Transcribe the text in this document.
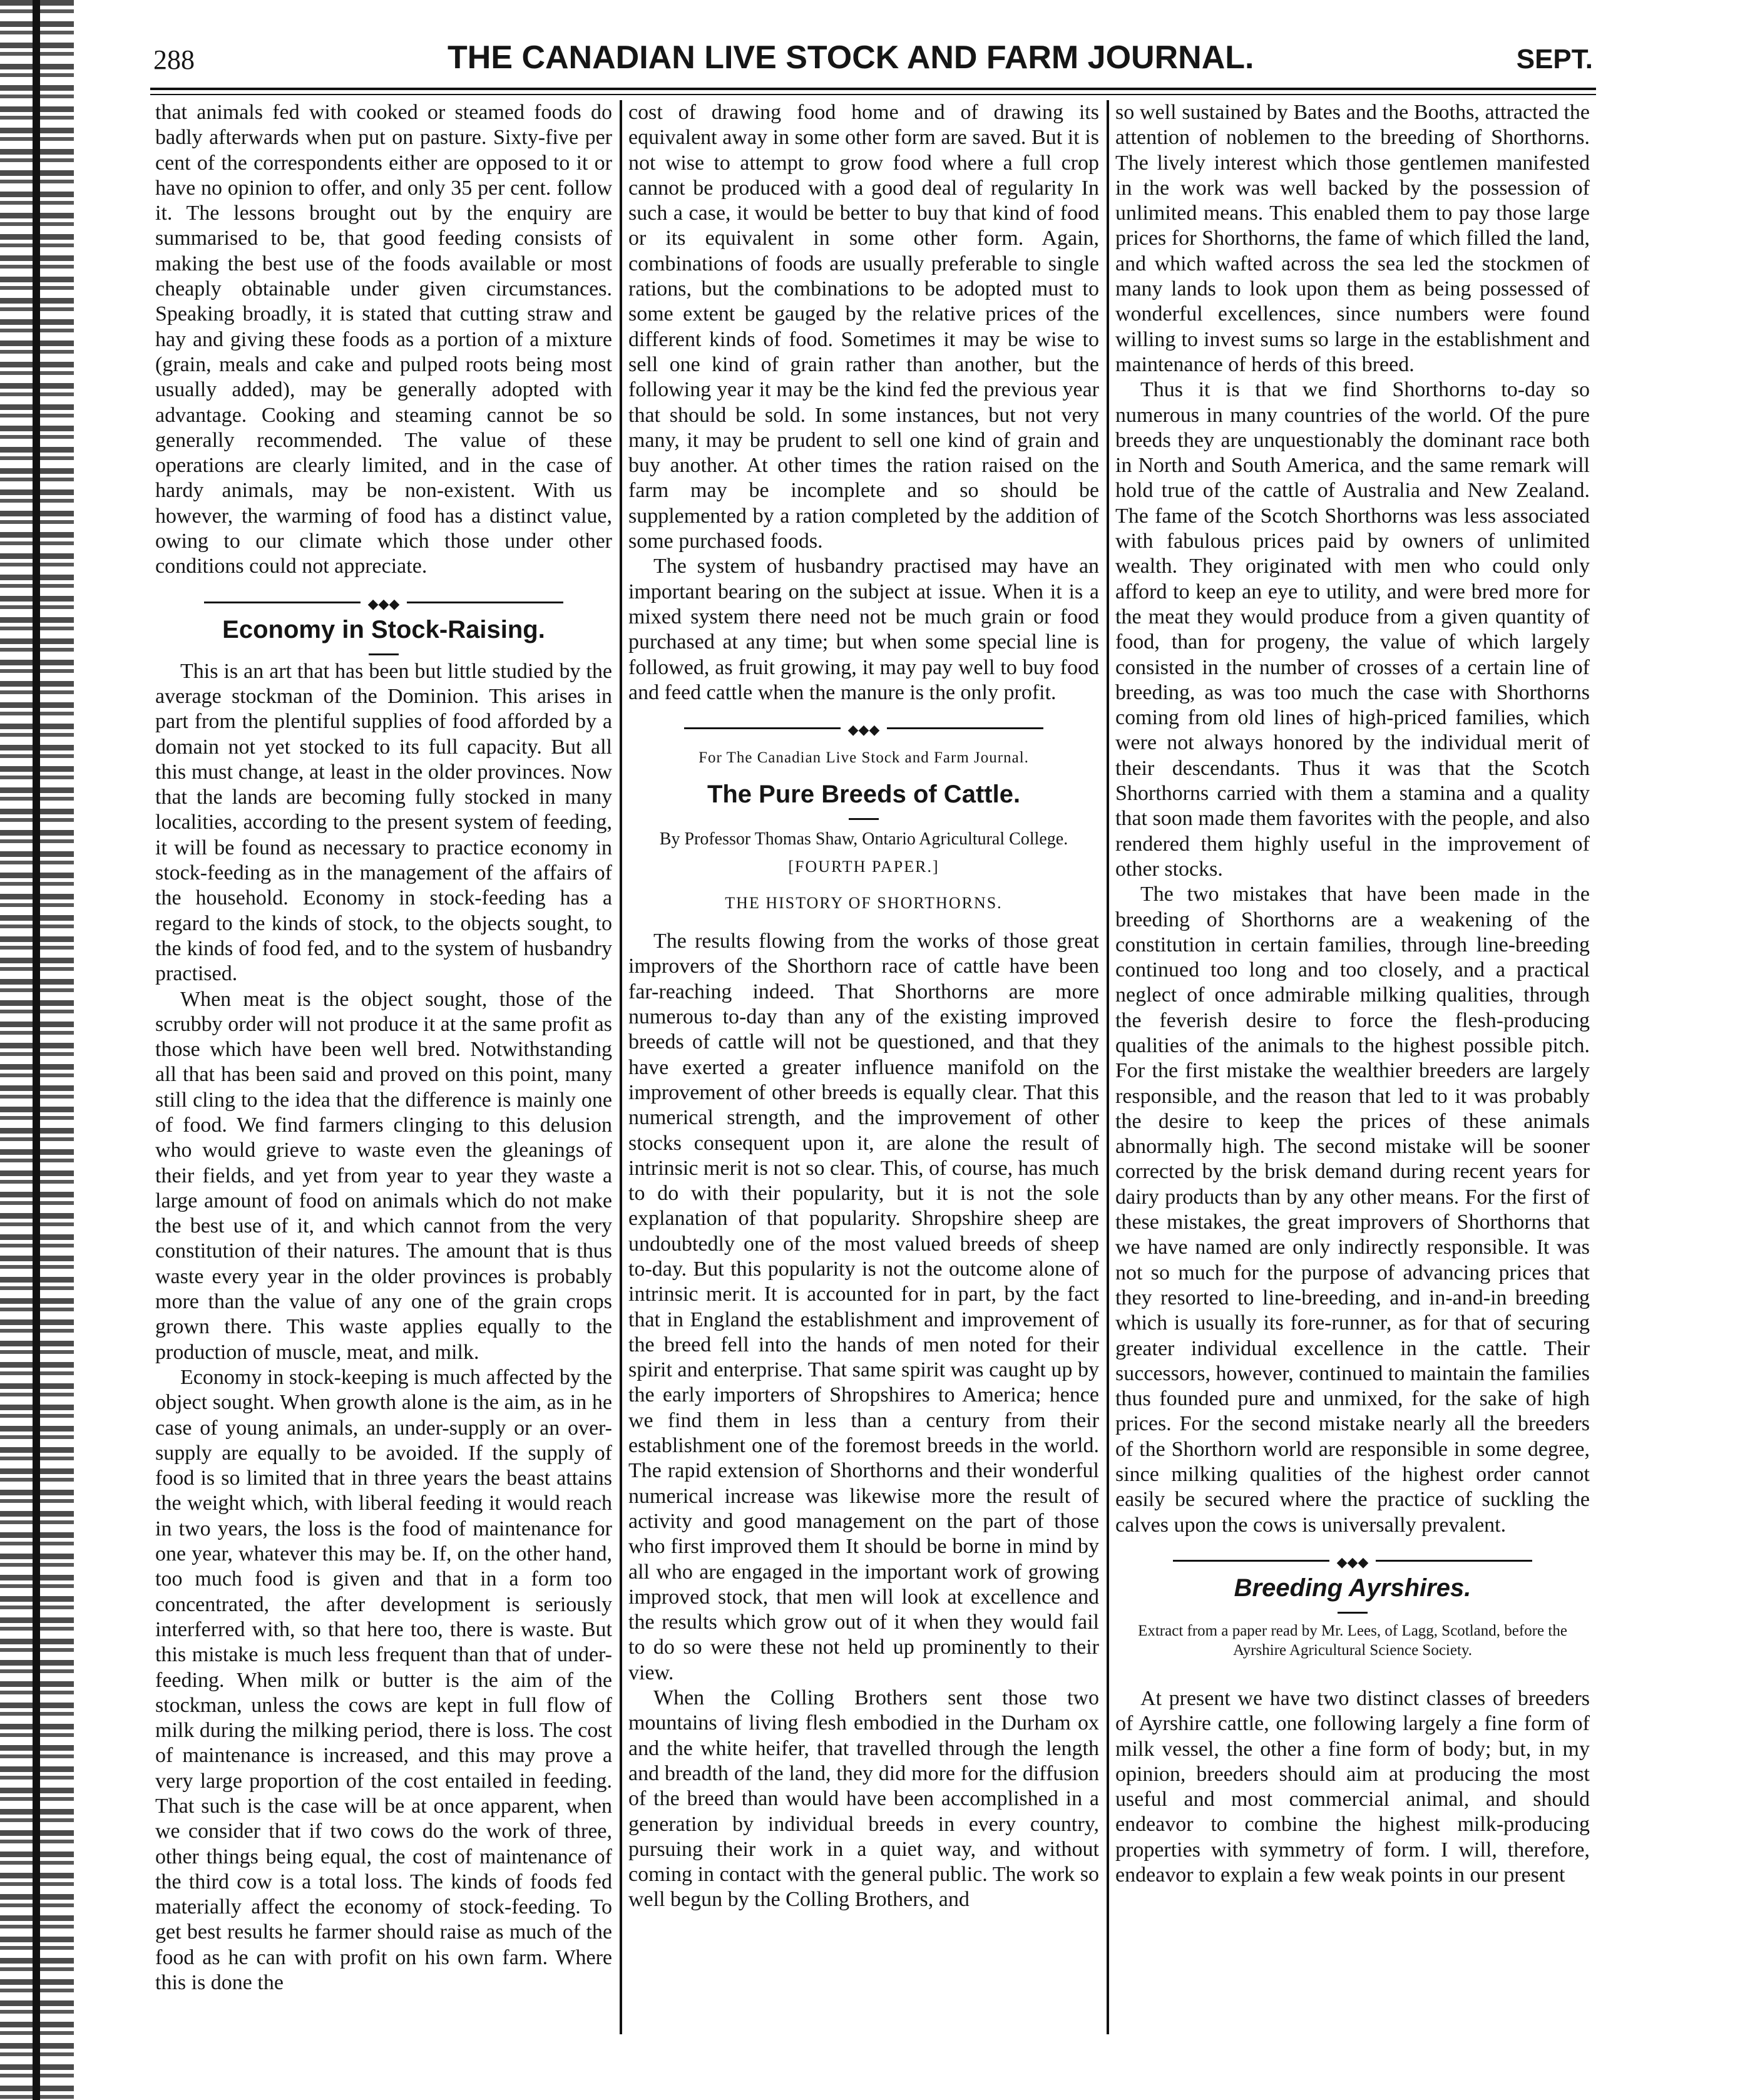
288	THE CANADIAN LIVE STOCK AND FARM JOURNAL.	SEPT.

that animals fed with cooked or steamed foods do badly afterwards when put on pasture. Sixty-five per cent of the correspondents either are opposed to it or have no opinion to offer, and only 35 per cent. follow it. The lessons brought out by the enquiry are summarised to be, that good feeding consists of making the best use of the foods available or most cheaply obtainable under given circumstances. Speaking broadly, it is stated that cutting straw and hay and giving these foods as a portion of a mixture (grain, meals and cake and pulped roots being most usually added), may be generally adopted with advantage. Cooking and steaming cannot be so generally recommended. The value of these operations are clearly limited, and in the case of hardy animals, may be non-existent. With us however, the warming of food has a distinct value, owing to our climate which those under other conditions could not appreciate.

◆◆◆
Economy in Stock-Raising.

This is an art that has been but little studied by the average stockman of the Dominion. This arises in part from the plentiful supplies of food afforded by a domain not yet stocked to its full capacity. But all this must change, at least in the older provinces. Now that the lands are becoming fully stocked in many localities, according to the present system of feeding, it will be found as necessary to practice economy in stock-feeding as in the management of the affairs of the household. Economy in stock-feeding has a regard to the kinds of stock, to the objects sought, to the kinds of food fed, and to the system of husbandry practised.

When meat is the object sought, those of the scrubby order will not produce it at the same profit as those which have been well bred. Notwithstanding all that has been said and proved on this point, many still cling to the idea that the difference is mainly one of food. We find farmers clinging to this delusion who would grieve to waste even the gleanings of their fields, and yet from year to year they waste a large amount of food on animals which do not make the best use of it, and which cannot from the very constitution of their natures. The amount that is thus waste every year in the older provinces is probably more than the value of any one of the grain crops grown there. This waste applies equally to the production of muscle, meat, and milk.

Economy in stock-keeping is much affected by the object sought. When growth alone is the aim, as in he case of young animals, an under-supply or an over-supply are equally to be avoided. If the supply of food is so limited that in three years the beast attains the weight which, with liberal feeding it would reach in two years, the loss is the food of maintenance for one year, whatever this may be. If, on the other hand, too much food is given and that in a form too concentrated, the after development is seriously interferred with, so that here too, there is waste. But this mistake is much less frequent than that of under-feeding. When milk or butter is the aim of the stockman, unless the cows are kept in full flow of milk during the milking period, there is loss. The cost of maintenance is increased, and this may prove a very large proportion of the cost entailed in feeding. That such is the case will be at once apparent, when we consider that if two cows do the work of three, other things being equal, the cost of maintenance of the third cow is a total loss. The kinds of foods fed materially affect the economy of stock-feeding. To get best results he farmer should raise as much of the food as he can with profit on his own farm. Where this is done the

cost of drawing food home and of drawing its equivalent away in some other form are saved. But it is not wise to attempt to grow food where a full crop cannot be produced with a good deal of regularity In such a case, it would be better to buy that kind of food or its equivalent in some other form. Again, combinations of foods are usually preferable to single rations, but the combinations to be adopted must to some extent be gauged by the relative prices of the different kinds of food. Sometimes it may be wise to sell one kind of grain rather than another, but the following year it may be the kind fed the previous year that should be sold. In some instances, but not very many, it may be prudent to sell one kind of grain and buy another. At other times the ration raised on the farm may be incomplete and so should be supplemented by a ration completed by the addition of some purchased foods.

The system of husbandry practised may have an important bearing on the subject at issue. When it is a mixed system there need not be much grain or food purchased at any time; but when some special line is followed, as fruit growing, it may pay well to buy food and feed cattle when the manure is the only profit.

◆◆◆
For The Canadian Live Stock and Farm Journal.
The Pure Breeds of Cattle.
By Professor Thomas Shaw, Ontario Agricultural College.
[FOURTH PAPER.]
THE HISTORY OF SHORTHORNS.

The results flowing from the works of those great improvers of the Shorthorn race of cattle have been far-reaching indeed. That Shorthorns are more numerous to-day than any of the existing improved breeds of cattle will not be questioned, and that they have exerted a greater influence manifold on the improvement of other breeds is equally clear. That this numerical strength, and the improvement of other stocks consequent upon it, are alone the result of intrinsic merit is not so clear. This, of course, has much to do with their popularity, but it is not the sole explanation of that popularity. Shropshire sheep are undoubtedly one of the most valued breeds of sheep to-day. But this popularity is not the outcome alone of intrinsic merit. It is accounted for in part, by the fact that in England the establishment and improvement of the breed fell into the hands of men noted for their spirit and enterprise. That same spirit was caught up by the early importers of Shropshires to America; hence we find them in less than a century from their establishment one of the foremost breeds in the world. The rapid extension of Shorthorns and their wonderful numerical increase was likewise more the result of activity and good management on the part of those who first improved them It should be borne in mind by all who are engaged in the important work of growing improved stock, that men will look at excellence and the results which grow out of it when they would fail to do so were these not held up prominently to their view.

When the Colling Brothers sent those two mountains of living flesh embodied in the Durham ox and the white heifer, that travelled through the length and breadth of the land, they did more for the diffusion of the breed than would have been accomplished in a generation by individual breeds in every country, pursuing their work in a quiet way, and without coming in contact with the general public. The work so well begun by the Colling Brothers, and

so well sustained by Bates and the Booths, attracted the attention of noblemen to the breeding of Shorthorns. The lively interest which those gentlemen manifested in the work was well backed by the possession of unlimited means. This enabled them to pay those large prices for Shorthorns, the fame of which filled the land, and which wafted across the sea led the stockmen of many lands to look upon them as being possessed of wonderful excellences, since numbers were found willing to invest sums so large in the establishment and maintenance of herds of this breed.

Thus it is that we find Shorthorns to-day so numerous in many countries of the world. Of the pure breeds they are unquestionably the dominant race both in North and South America, and the same remark will hold true of the cattle of Australia and New Zealand. The fame of the Scotch Shorthorns was less associated with fabulous prices paid by owners of unlimited wealth. They originated with men who could only afford to keep an eye to utility, and were bred more for the meat they would produce from a given quantity of food, than for progeny, the value of which largely consisted in the number of crosses of a certain line of breeding, as was too much the case with Shorthorns coming from old lines of high-priced families, which were not always honored by the individual merit of their descendants. Thus it was that the Scotch Shorthorns carried with them a stamina and a quality that soon made them favorites with the people, and also rendered them highly useful in the improvement of other stocks.

The two mistakes that have been made in the breeding of Shorthorns are a weakening of the constitution in certain families, through line-breeding continued too long and too closely, and a practical neglect of once admirable milking qualities, through the feverish desire to force the flesh-producing qualities of the animals to the highest possible pitch. For the first mistake the wealthier breeders are largely responsible, and the reason that led to it was probably the desire to keep the prices of these animals abnormally high. The second mistake will be sooner corrected by the brisk demand during recent years for dairy products than by any other means. For the first of these mistakes, the great improvers of Shorthorns that we have named are only indirectly responsible. It was not so much for the purpose of advancing prices that they resorted to line-breeding, and in-and-in breeding which is usually its fore-runner, as for that of securing greater individual excellence in the cattle. Their successors, however, continued to maintain the families thus founded pure and unmixed, for the sake of high prices. For the second mistake nearly all the breeders of the Shorthorn world are responsible in some degree, since milking qualities of the highest order cannot easily be secured where the practice of suckling the calves upon the cows is universally prevalent.

◆◆◆
Breeding Ayrshires.
Extract from a paper read by Mr. Lees, of Lagg, Scotland, before the Ayrshire Agricultural Science Society.

At present we have two distinct classes of breeders of Ayrshire cattle, one following largely a fine form of milk vessel, the other a fine form of body; but, in my opinion, breeders should aim at producing the most useful and most commercial animal, and should endeavor to combine the highest milk-producing properties with symmetry of form. I will, therefore, endeavor to explain a few weak points in our present
